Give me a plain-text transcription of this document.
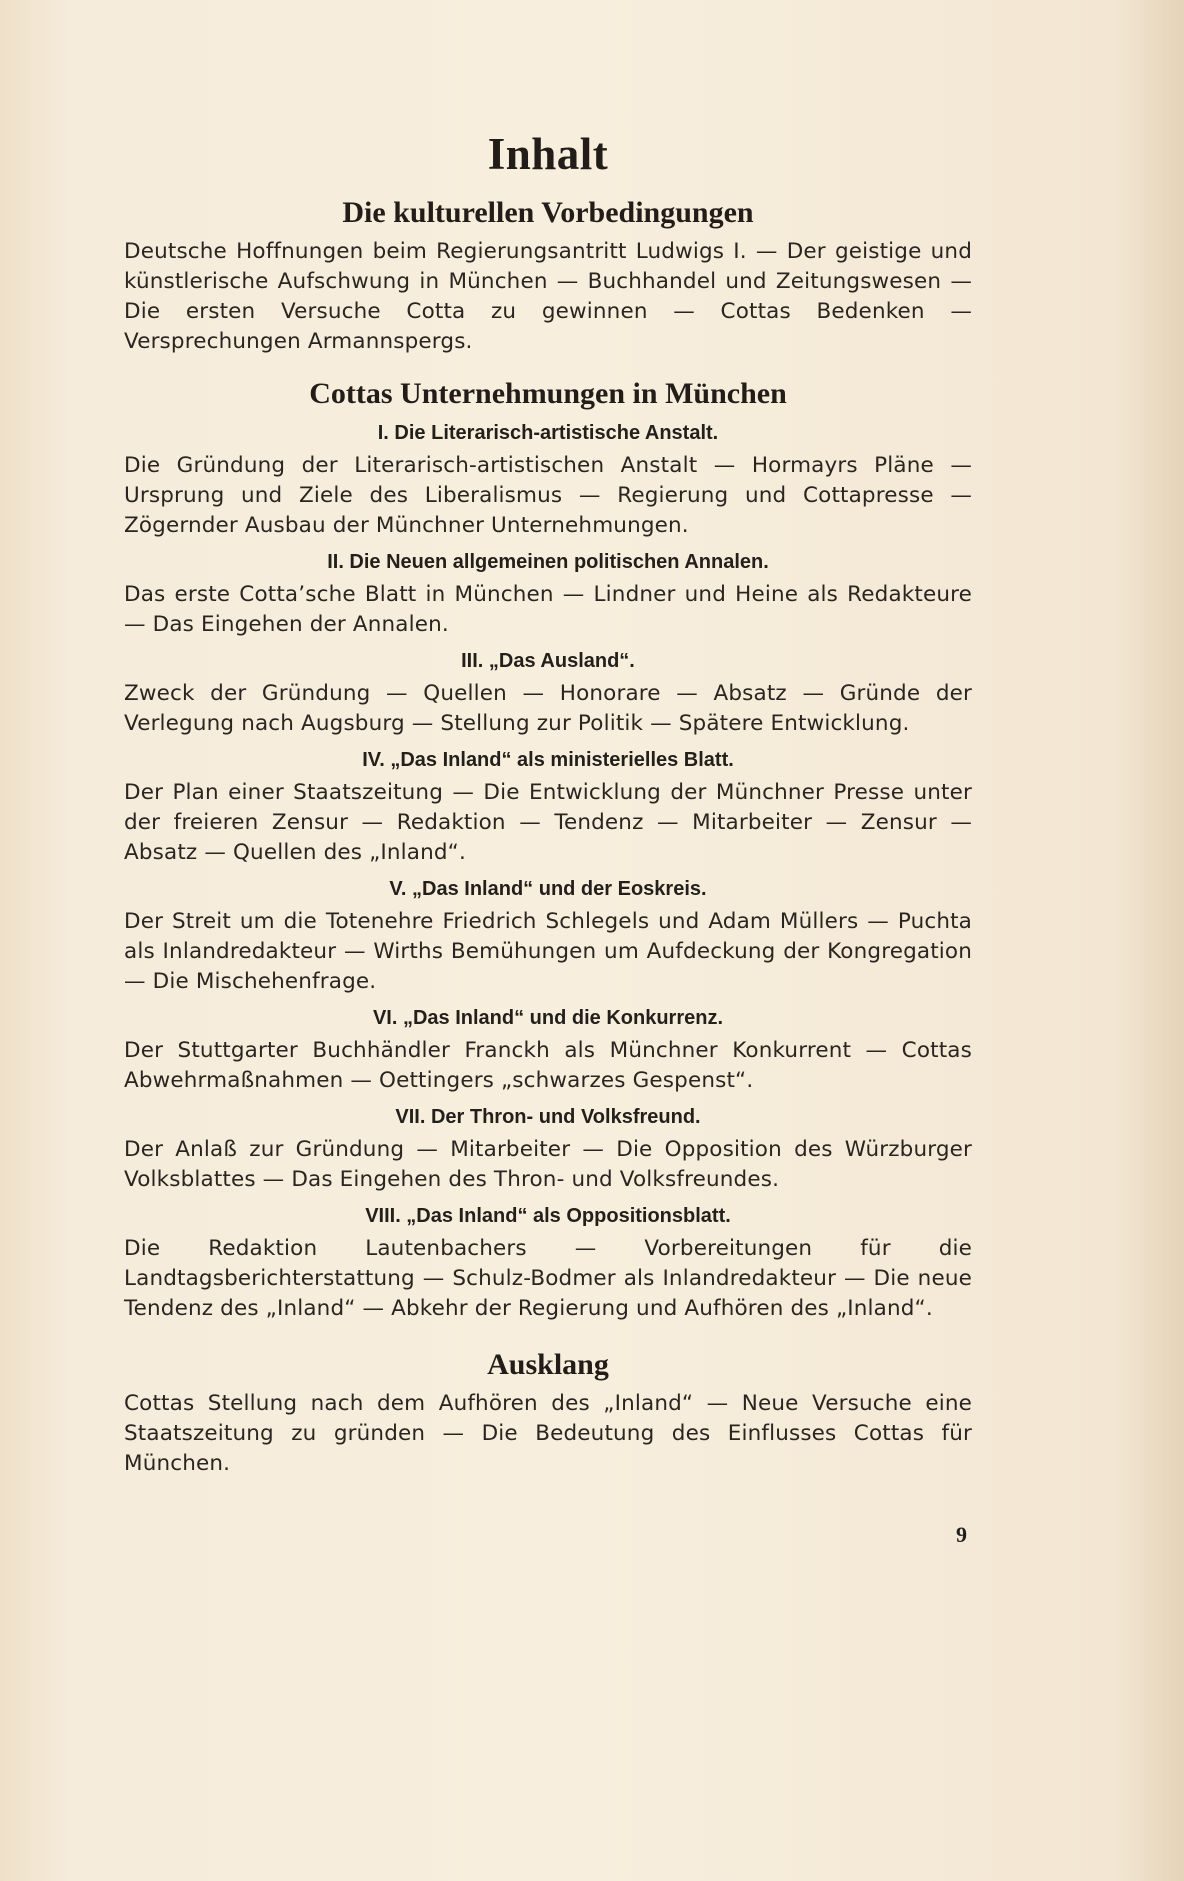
Inhalt
Die kulturellen Vorbedingungen

Deutsche Hoffnungen beim Regierungsantritt Ludwigs I. — Der geistige und künstlerische Aufschwung in München — Buchhandel und Zeitungswesen — Die ersten Versuche Cotta zu gewinnen — Cottas Bedenken — Versprechungen Armannspergs.

Cottas Unternehmungen in München
I. Die Literarisch-artistische Anstalt.

Die Gründung der Literarisch-artistischen Anstalt — Hormayrs Pläne — Ursprung und Ziele des Liberalismus — Regierung und Cottapresse — Zögernder Ausbau der Münchner Unternehmungen.

II. Die Neuen allgemeinen politischen Annalen.

Das erste Cotta’sche Blatt in München — Lindner und Heine als Redakteure — Das Eingehen der Annalen.

III. „Das Ausland“.

Zweck der Gründung — Quellen — Honorare — Absatz — Gründe der Verlegung nach Augsburg — Stellung zur Politik — Spätere Entwicklung.

IV. „Das Inland“ als ministerielles Blatt.

Der Plan einer Staatszeitung — Die Entwicklung der Münchner Presse unter der freieren Zensur — Redaktion — Tendenz — Mitarbeiter — Zensur — Absatz — Quellen des „Inland“.

V. „Das Inland“ und der Eoskreis.

Der Streit um die Totenehre Friedrich Schlegels und Adam Müllers — Puchta als Inlandredakteur — Wirths Bemühungen um Aufdeckung der Kongregation — Die Mischehenfrage.

VI. „Das Inland“ und die Konkurrenz.

Der Stuttgarter Buchhändler Franckh als Münchner Konkurrent — Cottas Abwehrmaßnahmen — Oettingers „schwarzes Gespenst“.

VII. Der Thron- und Volksfreund.

Der Anlaß zur Gründung — Mitarbeiter — Die Opposition des Würzburger Volksblattes — Das Eingehen des Thron- und Volksfreundes.

VIII. „Das Inland“ als Oppositionsblatt.

Die Redaktion Lautenbachers — Vorbereitungen für die Landtagsberichterstattung — Schulz-Bodmer als Inlandredakteur — Die neue Tendenz des „Inland“ — Abkehr der Regierung und Aufhören des „Inland“.

Ausklang

Cottas Stellung nach dem Aufhören des „Inland“ — Neue Versuche eine Staatszeitung zu gründen — Die Bedeutung des Einflusses Cottas für München.

9
